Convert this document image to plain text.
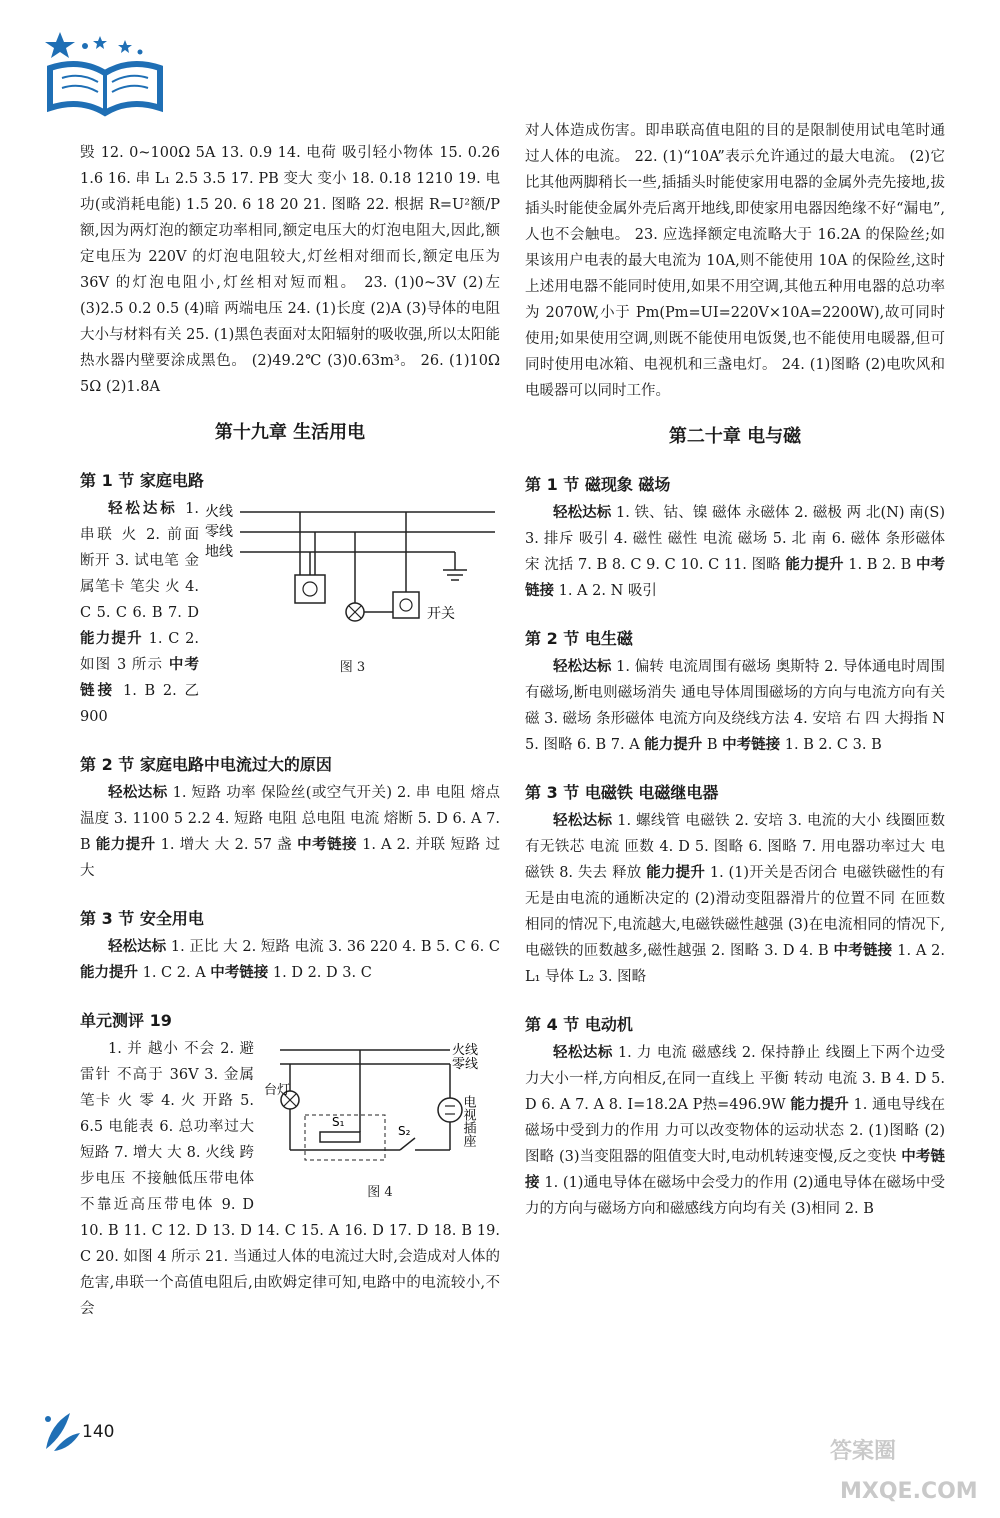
毁 12. 0~100Ω 5A 13. 0.9 14. 电荷 吸引轻小物体 15. 0.26 1.6 16. 串 L₁ 2.5 3.5 17. PB 变大 变小 18. 0.18 1210 19. 电功(或消耗电能) 1.5 20. 6 18 20 21. 图略 22. 根据 R=U²额/P额,因为两灯泡的额定功率相同,额定电压大的灯泡电阻大,因此,额定电压为 220V 的灯泡电阻较大,灯丝相对细而长,额定电压为 36V 的灯泡电阻小,灯丝相对短而粗。 23. (1)0~3V (2)左 (3)2.5 0.2 0.5 (4)暗 两端电压 24. (1)长度 (2)A (3)导体的电阻大小与材料有关 25. (1)黑色表面对太阳辐射的吸收强,所以太阳能热水器内壁要涂成黑色。 (2)49.2℃ (3)0.63m³。 26. (1)10Ω 5Ω (2)1.8A

第十九章 生活用电
第 1 节 家庭电路
火线
零线
地线
开关
图 3

轻松达标 1. 串联 火 2. 前面 断开 3. 试电笔 金属笔卡 笔尖 火 4. C 5. C 6. B 7. D 能力提升 1. C 2. 如图 3 所示 中考链接 1. B 2. 乙 900

第 2 节 家庭电路中电流过大的原因

轻松达标 1. 短路 功率 保险丝(或空气开关) 2. 串 电阻 熔点 温度 3. 1100 5 2.2 4. 短路 电阻 总电阻 电流 熔断 5. D 6. A 7. B 能力提升 1. 增大 大 2. 57 盏 中考链接 1. A 2. 并联 短路 过大

第 3 节 安全用电

轻松达标 1. 正比 大 2. 短路 电流 3. 36 220 4. B 5. C 6. C 能力提升 1. C 2. A 中考链接 1. D 2. D 3. C

单元测评 19
火线
零线
台灯
S₁
S₂	电视插座
图 4

1. 并 越小 不会 2. 避雷针 不高于 36V 3. 金属笔卡 火 零 4. 火 开路 5. 6.5 电能表 6. 总功率过大 短路 7. 增大 大 8. 火线 跨步电压 不接触低压带电体 不靠近高压带电体 9. D 10. B 11. C 12. D 13. D 14. C 15. A 16. D 17. D 18. B 19. C 20. 如图 4 所示 21. 当通过人体的电流过大时,会造成对人体的危害,串联一个高值电阻后,由欧姆定律可知,电路中的电流较小,不会

对人体造成伤害。即串联高值电阻的目的是限制使用试电笔时通过人体的电流。 22. (1)“10A”表示允许通过的最大电流。 (2)它比其他两脚稍长一些,插插头时能使家用电器的金属外壳先接地,拔插头时能使金属外壳后离开地线,即使家用电器因绝缘不好“漏电”,人也不会触电。 23. 应选择额定电流略大于 16.2A 的保险丝;如果该用户电表的最大电流为 10A,则不能使用 10A 的保险丝,这时上述用电器不能同时使用,如果不用空调,其他五种用电器的总功率为 2070W,小于 Pm(Pm=UI=220V×10A=2200W),故可同时使用;如果使用空调,则既不能使用电饭煲,也不能使用电暖器,但可同时使用电冰箱、电视机和三盏电灯。 24. (1)图略 (2)电吹风和电暖器可以同时工作。

第二十章 电与磁
第 1 节 磁现象 磁场

轻松达标 1. 铁、钴、镍 磁体 永磁体 2. 磁极 两 北(N) 南(S) 3. 排斥 吸引 4. 磁性 磁性 电流 磁场 5. 北 南 6. 磁体 条形磁体 宋 沈括 7. B 8. C 9. C 10. C 11. 图略 能力提升 1. B 2. B 中考链接 1. A 2. N 吸引

第 2 节 电生磁

轻松达标 1. 偏转 电流周围有磁场 奥斯特 2. 导体通电时周围有磁场,断电则磁场消失 通电导体周围磁场的方向与电流方向有关 磁 3. 磁场 条形磁体 电流方向及绕线方法 4. 安培 右 四 大拇指 N 5. 图略 6. B 7. A 能力提升 B 中考链接 1. B 2. C 3. B

第 3 节 电磁铁 电磁继电器

轻松达标 1. 螺线管 电磁铁 2. 安培 3. 电流的大小 线圈匝数 有无铁芯 电流 匝数 4. D 5. 图略 6. 图略 7. 用电器功率过大 电磁铁 8. 失去 释放 能力提升 1. (1)开关是否闭合 电磁铁磁性的有无是由电流的通断决定的 (2)滑动变阻器滑片的位置不同 在匝数相同的情况下,电流越大,电磁铁磁性越强 (3)在电流相同的情况下,电磁铁的匝数越多,磁性越强 2. 图略 3. D 4. B 中考链接 1. A 2. L₁ 导体 L₂ 3. 图略

第 4 节 电动机

轻松达标 1. 力 电流 磁感线 2. 保持静止 线圈上下两个边受力大小一样,方向相反,在同一直线上 平衡 转动 电流 3. B 4. D 5. D 6. A 7. A 8. I=18.2A P热=496.9W 能力提升 1. 通电导线在磁场中受到力的作用 力可以改变物体的运动状态 2. (1)图略 (2)图略 (3)当变阻器的阻值变大时,电动机转速变慢,反之变快 中考链接 1. (1)通电导体在磁场中会受力的作用 (2)通电导体在磁场中受力的方向与磁场方向和磁感线方向均有关 (3)相同 2. B

140
答案圈
MXQE.COM
